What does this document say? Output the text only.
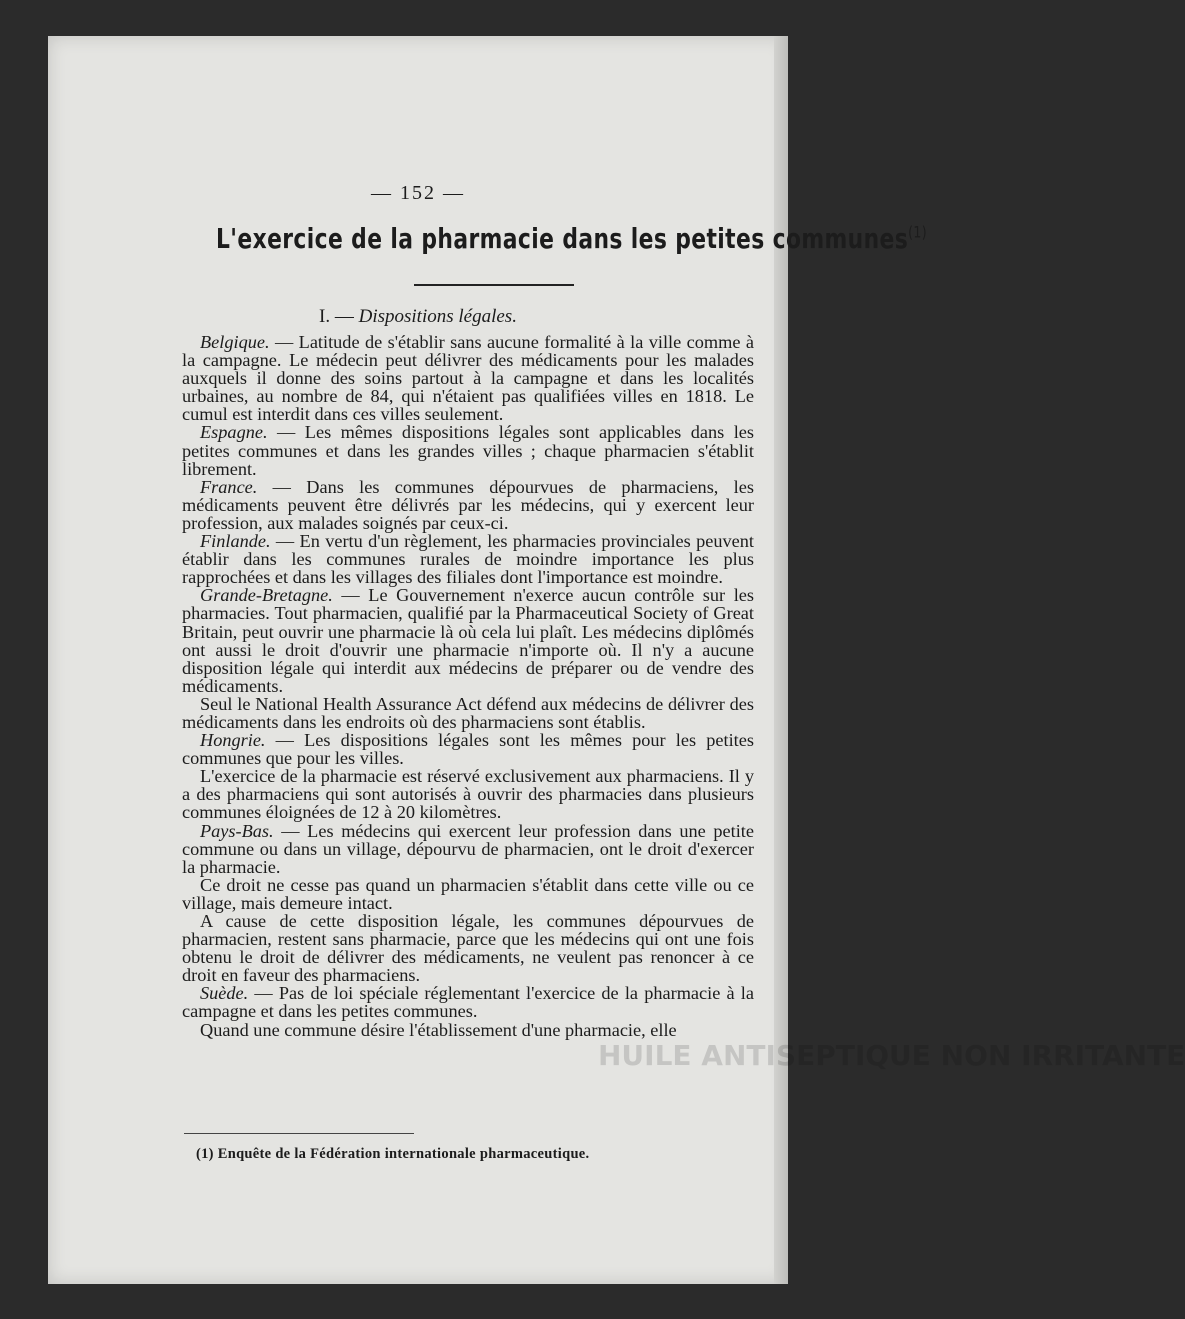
HUILE ANTISEPTIQUE NON IRRITANTE
— 152 —
L'exercice de la pharmacie dans les petites communes$^{(1)}$
I. — Dispositions légales.

Belgique. — Latitude de s'établir sans aucune formalité à la ville comme à la campagne. Le médecin peut délivrer des médicaments pour les malades auxquels il donne des soins partout à la campagne et dans les localités urbaines, au nombre de 84, qui n'étaient pas qualifiées villes en 1818. Le cumul est interdit dans ces villes seulement.

Espagne. — Les mêmes dispositions légales sont applicables dans les petites communes et dans les grandes villes ; chaque pharmacien s'établit librement.

France. — Dans les communes dépourvues de pharmaciens, les médicaments peuvent être délivrés par les médecins, qui y exercent leur profession, aux malades soignés par ceux-ci.

Finlande. — En vertu d'un règlement, les pharmacies provinciales peuvent établir dans les communes rurales de moindre importance les plus rapprochées et dans les villages des filiales dont l'importance est moindre.

Grande-Bretagne. — Le Gouvernement n'exerce aucun contrôle sur les pharmacies. Tout pharmacien, qualifié par la Pharmaceutical Society of Great Britain, peut ouvrir une pharmacie là où cela lui plaît. Les médecins diplômés ont aussi le droit d'ouvrir une pharmacie n'importe où. Il n'y a aucune disposition légale qui interdit aux médecins de préparer ou de vendre des médicaments.

Seul le National Health Assurance Act défend aux médecins de délivrer des médicaments dans les endroits où des pharmaciens sont établis.

Hongrie. — Les dispositions légales sont les mêmes pour les petites communes que pour les villes.

L'exercice de la pharmacie est réservé exclusivement aux pharmaciens. Il y a des pharmaciens qui sont autorisés à ouvrir des pharmacies dans plusieurs communes éloignées de 12 à 20 kilomètres.

Pays-Bas. — Les médecins qui exercent leur profession dans une petite commune ou dans un village, dépourvu de pharmacien, ont le droit d'exercer la pharmacie.

Ce droit ne cesse pas quand un pharmacien s'établit dans cette ville ou ce village, mais demeure intact.

A cause de cette disposition légale, les communes dépourvues de pharmacien, restent sans pharmacie, parce que les médecins qui ont une fois obtenu le droit de délivrer des médicaments, ne veulent pas renoncer à ce droit en faveur des pharmaciens.

Suède. — Pas de loi spéciale réglementant l'exercice de la pharmacie à la campagne et dans les petites communes.

Quand une commune désire l'établissement d'une pharmacie, elle

(1) Enquête de la Fédération internationale pharmaceutique.
